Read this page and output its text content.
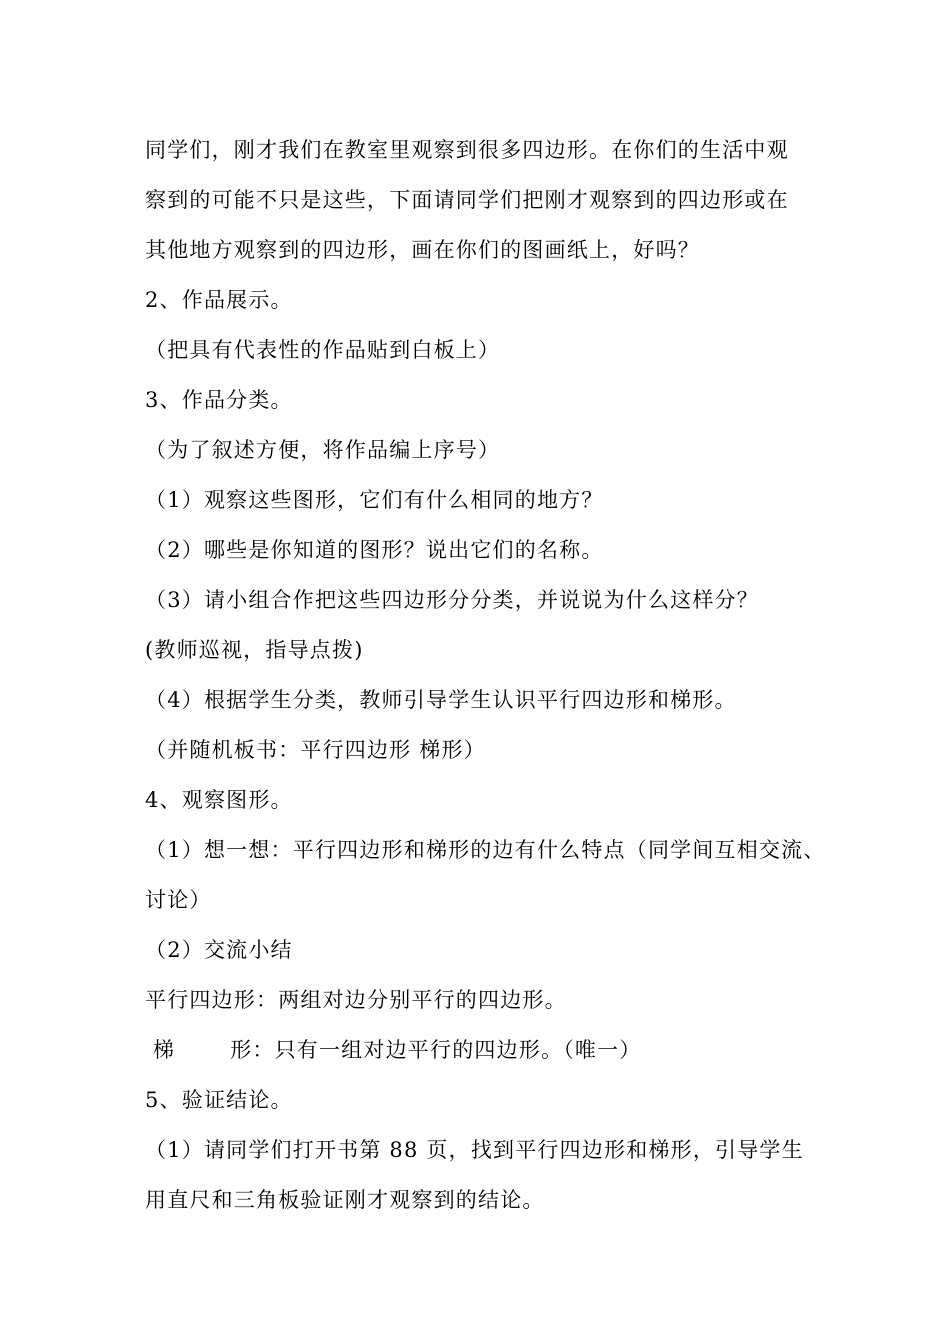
同学们，刚才我们在教室里观察到很多四边形。在你们的生活中观
察到的可能不只是这些，下面请同学们把刚才观察到的四边形或在
其他地方观察到的四边形，画在你们的图画纸上，好吗？
2、作品展示。
（把具有代表性的作品贴到白板上）
3、作品分类。
（为了叙述方便，将作品编上序号）
（1）观察这些图形，它们有什么相同的地方？
（2）哪些是你知道的图形？说出它们的名称。
（3）请小组合作把这些四边形分分类，并说说为什么这样分？
(教师巡视，指导点拨)
（4）根据学生分类，教师引导学生认识平行四边形和梯形。
（并随机板书：平行四边形 梯形）
4、观察图形。
（1）想一想：平行四边形和梯形的边有什么特点（同学间互相交流、
讨论）
（2）交流小结
平行四边形：两组对边分别平行的四边形。
梯       形：只有一组对边平行的四边形。（唯一）
5、验证结论。
（1）请同学们打开书第 88 页，找到平行四边形和梯形，引导学生
用直尺和三角板验证刚才观察到的结论。
